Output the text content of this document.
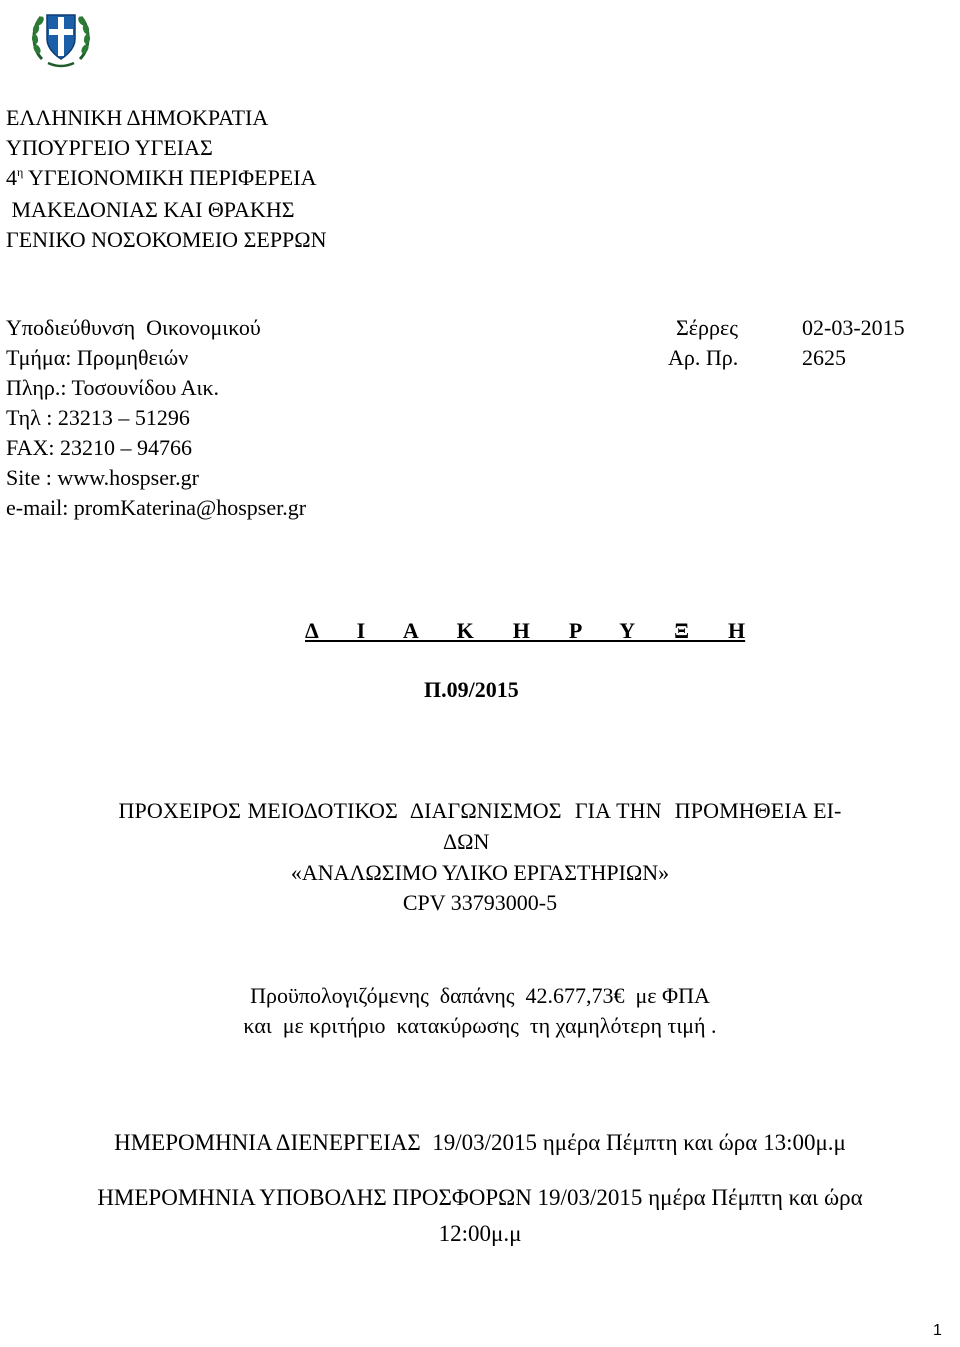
ΕΛΛΗΝΙΚΗ ΔΗΜΟΚΡΑΤΙΑ
ΥΠΟΥΡΓΕΙΟ ΥΓΕΙΑΣ
$4^\eta$ ΥΓΕΙΟΝΟΜΙΚΗ ΠΕΡΙΦΕΡΕΙΑ
ΜΑΚΕΔΟΝΙΑΣ ΚΑΙ ΘΡΑΚΗΣ
ΓΕΝΙΚΟ ΝΟΣΟΚΟΜΕΙΟ ΣΕΡΡΩΝ
Υποδιεύθυνση  Οικονομικού
Τμήμα: Προμηθειών
Πληρ.: Τοσουνίδου Αικ.
Τηλ : 23213 – 51296
FAX: 23210 – 94766
Site : www.hospser.gr
e-mail: promKaterina@hospser.gr
Σέρρες	02-03-2015
Αρ. Πρ.	2625
Δ  Ι  Α  Κ  Η  Ρ  Υ  Ξ  Η
Π.09/2015
ΠΡΟΧΕΙΡΟΣ ΜΕΙΟΔΟΤΙΚΟΣ  ΔΙΑΓΩΝΙΣΜΟΣ  ΓΙΑ ΤΗΝ  ΠΡΟΜΗΘΕΙΑ ΕΙ-
ΔΩΝ
«ΑΝΑΛΩΣΙΜΟ ΥΛΙΚΟ ΕΡΓΑΣΤΗΡΙΩΝ»
CPV 33793000-5
Προϋπολογιζόμενης  δαπάνης  42.677,73€  με ΦΠΑ
και  με κριτήριο  κατακύρωσης  τη χαμηλότερη τιμή .
ΗΜΕΡΟΜΗΝΙΑ ΔΙΕΝΕΡΓΕΙΑΣ  19/03/2015 ημέρα Πέμπτη και ώρα 13:00μ.μ
ΗΜΕΡΟΜΗΝΙΑ ΥΠΟΒΟΛΗΣ ΠΡΟΣΦΟΡΩΝ 19/03/2015 ημέρα Πέμπτη και ώρα
12:00μ.μ
1
